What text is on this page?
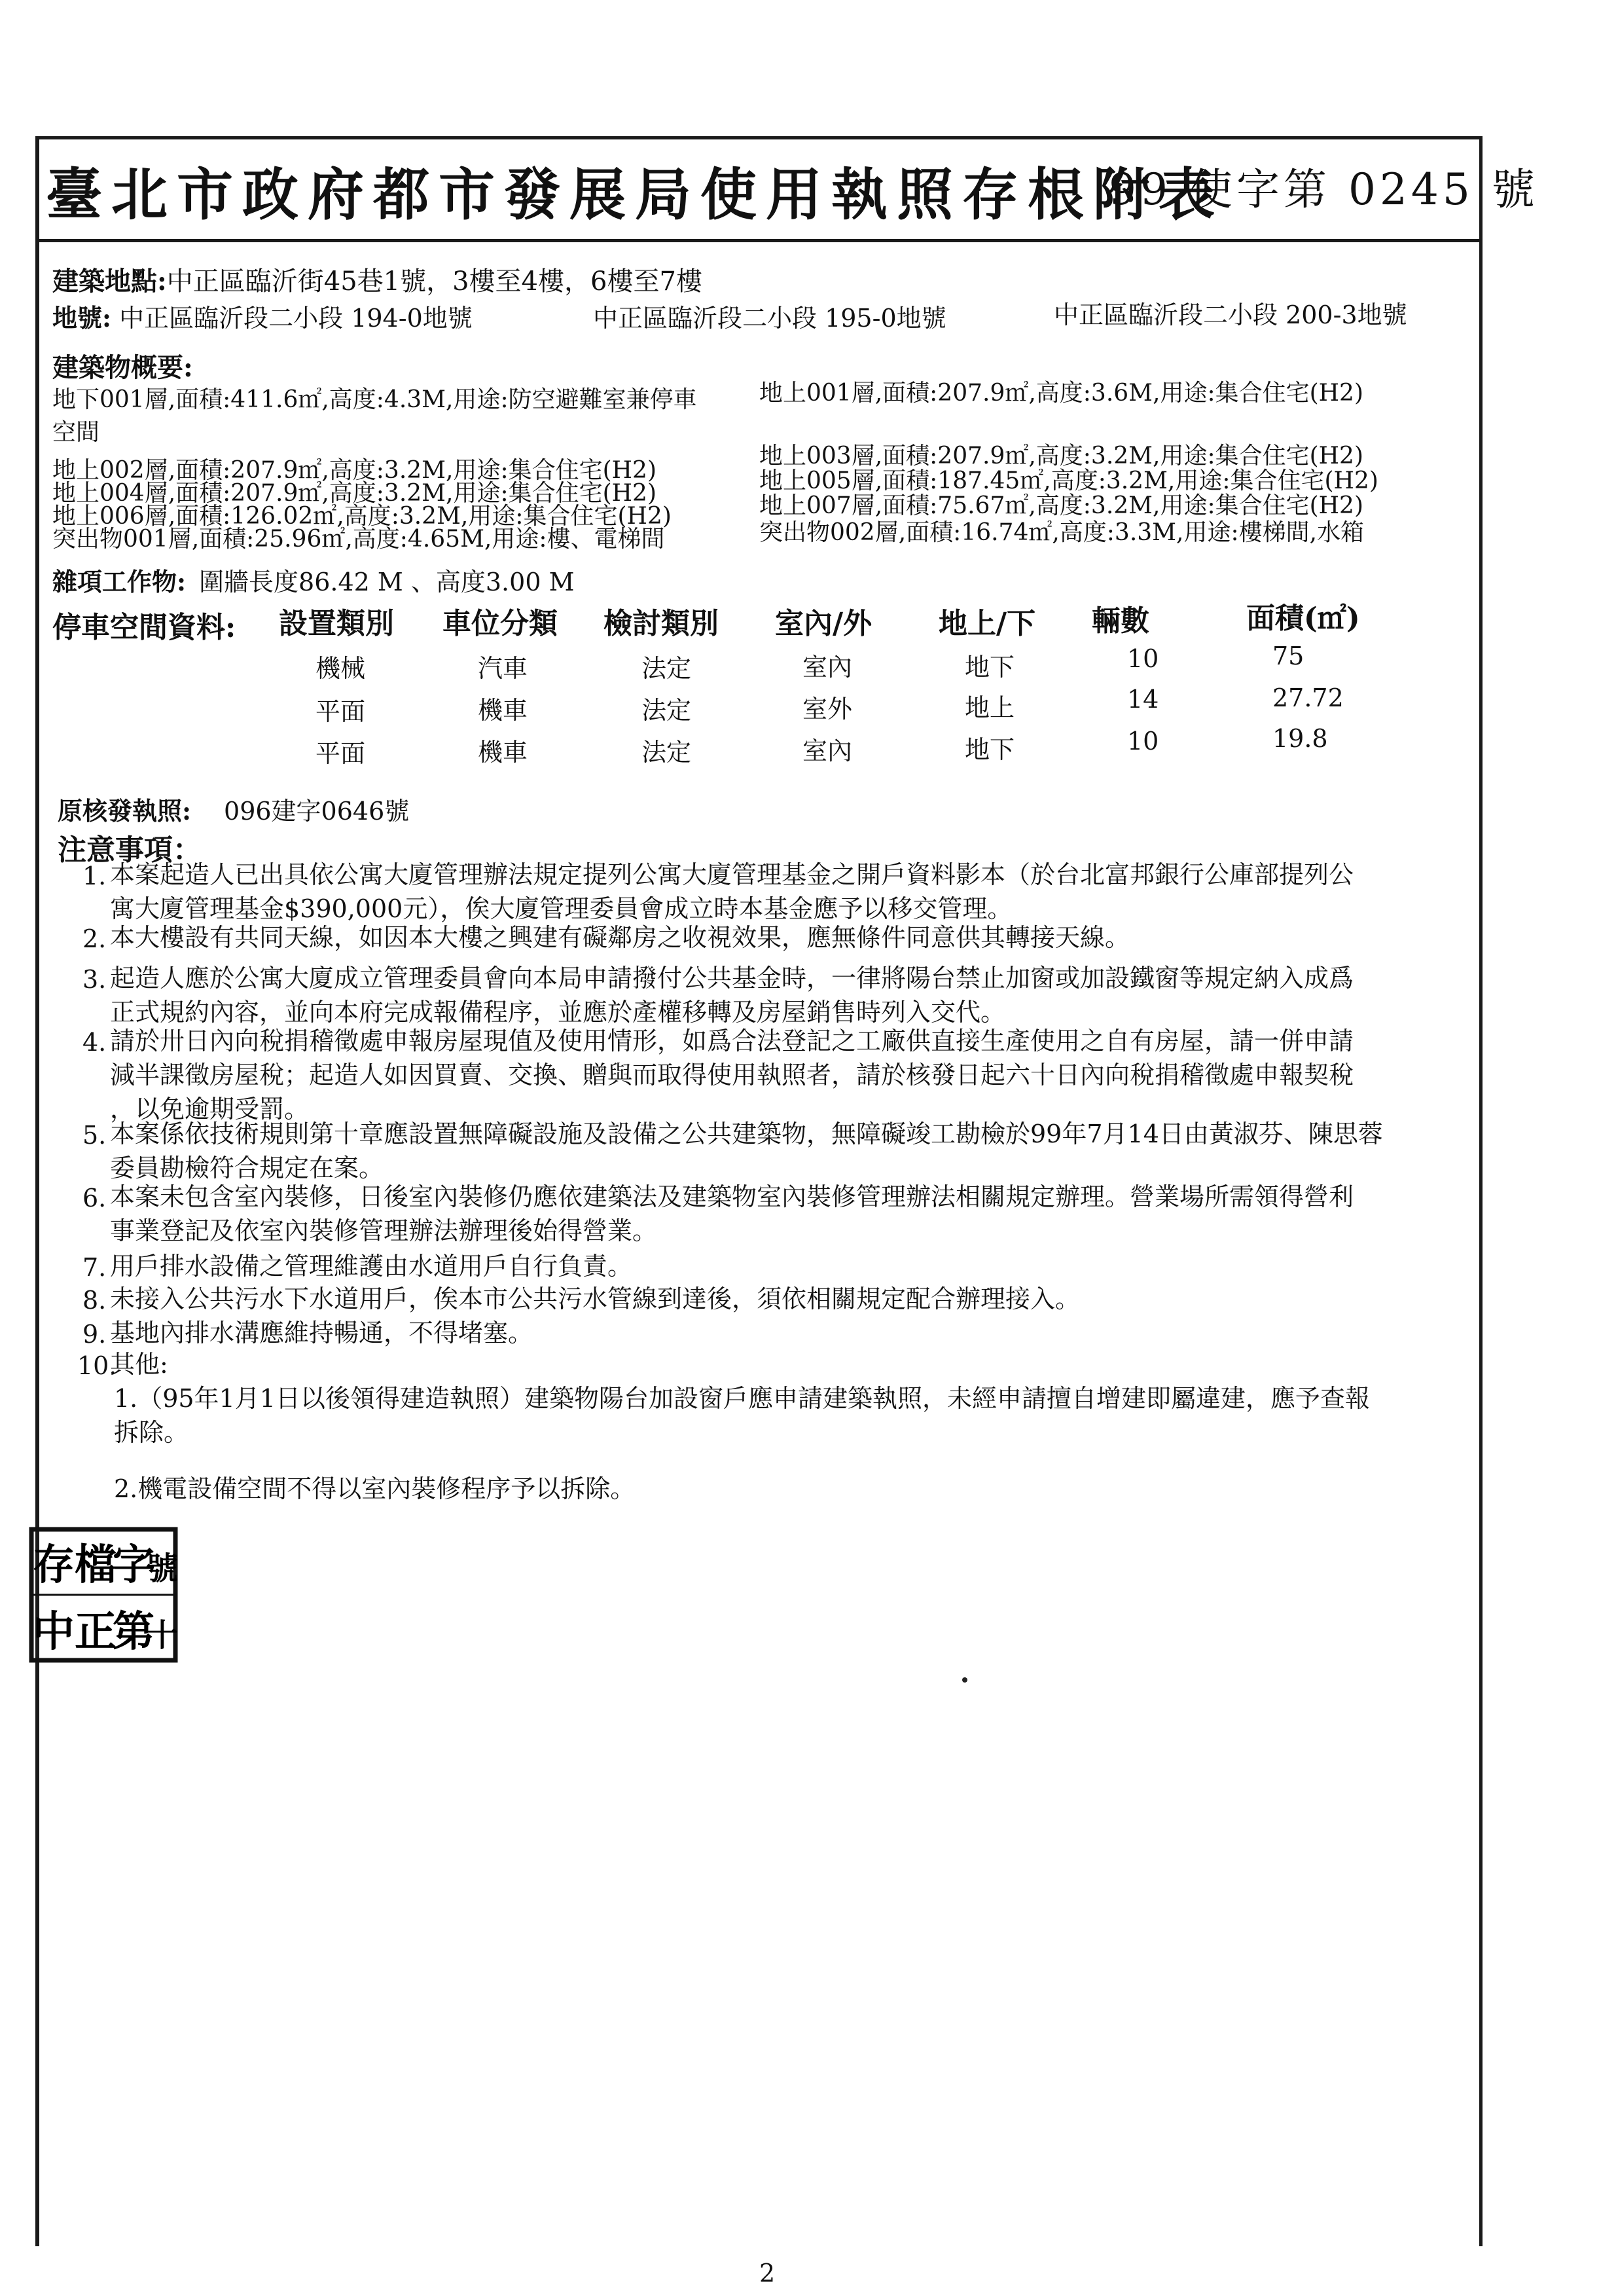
臺北市政府都市發展局使用執照存根附表
99 使字第 0245 號
建築地點:中正區臨沂街45巷1號，3樓至4樓，6樓至7樓
地號: 中正區臨沂段二小段 194-0地號	中正區臨沂段二小段 195-0地號	中正區臨沂段二小段 200-3地號
建築物概要:
地下001層,面積:411.6㎡,高度:4.3M,用途:防空避難室兼停車
空間
地上002層,面積:207.9㎡,高度:3.2M,用途:集合住宅(H2)
地上004層,面積:207.9㎡,高度:3.2M,用途:集合住宅(H2)
地上006層,面積:126.02㎡,高度:3.2M,用途:集合住宅(H2)
突出物001層,面積:25.96㎡,高度:4.65M,用途:樓、電梯間
地上001層,面積:207.9㎡,高度:3.6M,用途:集合住宅(H2)
地上003層,面積:207.9㎡,高度:3.2M,用途:集合住宅(H2)
地上005層,面積:187.45㎡,高度:3.2M,用途:集合住宅(H2)
地上007層,面積:75.67㎡,高度:3.2M,用途:集合住宅(H2)
突出物002層,面積:16.74㎡,高度:3.3M,用途:樓梯間,水箱
雜項工作物: 圍牆長度86.42 M 、高度3.00 M
停車空間資料: 設置類別 車位分類 檢討類別 室內/外 地上/下 輛數	面積(㎡)
機械	汽車	法定	室內	地下	10	75
平面	機車	法定	室外	地上	14	27.72
平面	機車	法定	室內	地下	10	19.8
原核發執照: 096建字0646號
注意事項：
1. 本案起造人已出具依公寓大廈管理辦法規定提列公寓大廈管理基金之開戶資料影本（於台北富邦銀行公庫部提列公
寓大廈管理基金$390,000元），俟大廈管理委員會成立時本基金應予以移交管理。
2. 本大樓設有共同天線，如因本大樓之興建有礙鄰房之收視效果，應無條件同意供其轉接天線。
3. 起造人應於公寓大廈成立管理委員會向本局申請撥付公共基金時，一律將陽台禁止加窗或加設鐵窗等規定納入成爲
正式規約內容，並向本府完成報備程序，並應於產權移轉及房屋銷售時列入交代。
4. 請於卅日內向稅捐稽徵處申報房屋現值及使用情形，如爲合法登記之工廠供直接生產使用之自有房屋，請一併申請
減半課徵房屋稅；起造人如因買賣、交換、贈與而取得使用執照者，請於核發日起六十日內向稅捐稽徵處申報契稅
，以免逾期受罰。
5. 本案係依技術規則第十章應設置無障礙設施及設備之公共建築物，無障礙竣工勘檢於99年7月14日由黃淑芬、陳思蓉
委員勘檢符合規定在案。
6. 本案未包含室內裝修，日後室內裝修仍應依建築法及建築物室內裝修管理辦法相關規定辦理。營業場所需領得營利
事業登記及依室內裝修管理辦法辦理後始得營業。
7. 用戶排水設備之管理維護由水道用戶自行負責。
8. 未接入公共污水下水道用戶，俟本市公共污水管線到達後，須依相關規定配合辦理接入。
9. 基地內排水溝應維持暢通，不得堵塞。
10.
其他:
1.（95年1月1日以後領得建造執照）建築物陽台加設窗戶應申請建築執照，未經申請擅自增建即屬違建，應予查報
拆除。
2.機電設備空間不得以室內裝修程序予以拆除。
存 檔
字
號
中 正
第
十
2
